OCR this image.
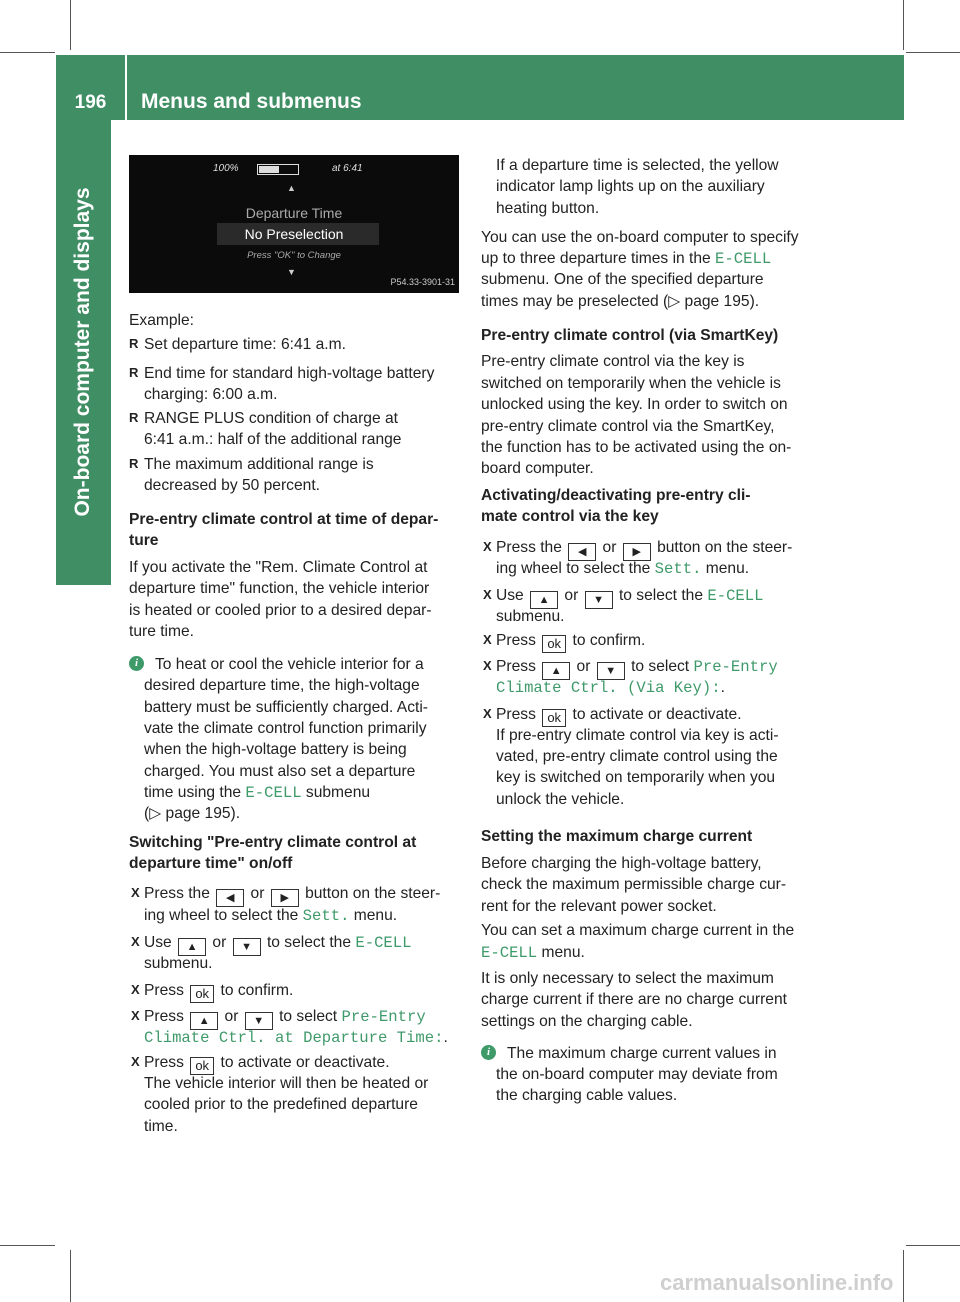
196	Menus and submenus
On-board computer and displays
100%	at 6:41
▲
Departure Time
No Preselection
Press "OK" to Change
▼
P54.33-3901-31
Example:
R Set departure time: 6:41 a.m.
R End time for standard high-voltage battery
charging: 6:00 a.m.
R RANGE PLUS condition of charge at
6:41 a.m.: half of the additional range
R The maximum additional range is
decreased by 50 percent.
Pre-entry climate control at time of depar-
ture
If you activate the "Rem. Climate Control at
departure time" function, the vehicle interior
is heated or cooled prior to a desired depar-
ture time.
i	To heat or cool the vehicle interior for a
desired departure time, the high-voltage
battery must be sufficiently charged. Acti-
vate the climate control function primarily
when the high-voltage battery is being
charged. You must also set a departure
time using the E-CELL submenu
(▷ page 195).
Switching "Pre-entry climate control at
departure time" on/off
X Press the ◀ or ▶ button on the steer-
ing wheel to select the Sett. menu.
X Use ▲ or ▼ to select the E-CELL
submenu.
X Press ok to confirm.
X Press ▲ or ▼ to select Pre-Entry
Climate Ctrl. at Departure Time:.
X Press ok to activate or deactivate.
The vehicle interior will then be heated or
cooled prior to the predefined departure
time.
If a departure time is selected, the yellow
indicator lamp lights up on the auxiliary
heating button.
You can use the on-board computer to specify
up to three departure times in the E-CELL
submenu. One of the specified departure
times may be preselected (▷ page 195).
Pre-entry climate control (via SmartKey)
Pre-entry climate control via the key is
switched on temporarily when the vehicle is
unlocked using the key. In order to switch on
pre-entry climate control via the SmartKey,
the function has to be activated using the on-
board computer.
Activating/deactivating pre-entry cli-
mate control via the key
X Press the ◀ or ▶ button on the steer-
ing wheel to select the Sett. menu.
X Use ▲ or ▼ to select the E-CELL
submenu.
X Press ok to confirm.
X Press ▲ or ▼ to select Pre-Entry
Climate Ctrl. (Via Key):.
X Press ok to activate or deactivate.
If pre-entry climate control via key is acti-
vated, pre-entry climate control using the
key is switched on temporarily when you
unlock the vehicle.
Setting the maximum charge current
Before charging the high-voltage battery,
check the maximum permissible charge cur-
rent for the relevant power socket.
You can set a maximum charge current in the
E-CELL menu.
It is only necessary to select the maximum
charge current if there are no charge current
settings on the charging cable.
i	The maximum charge current values in
the on-board computer may deviate from
the charging cable values.
carmanualsonline.info
